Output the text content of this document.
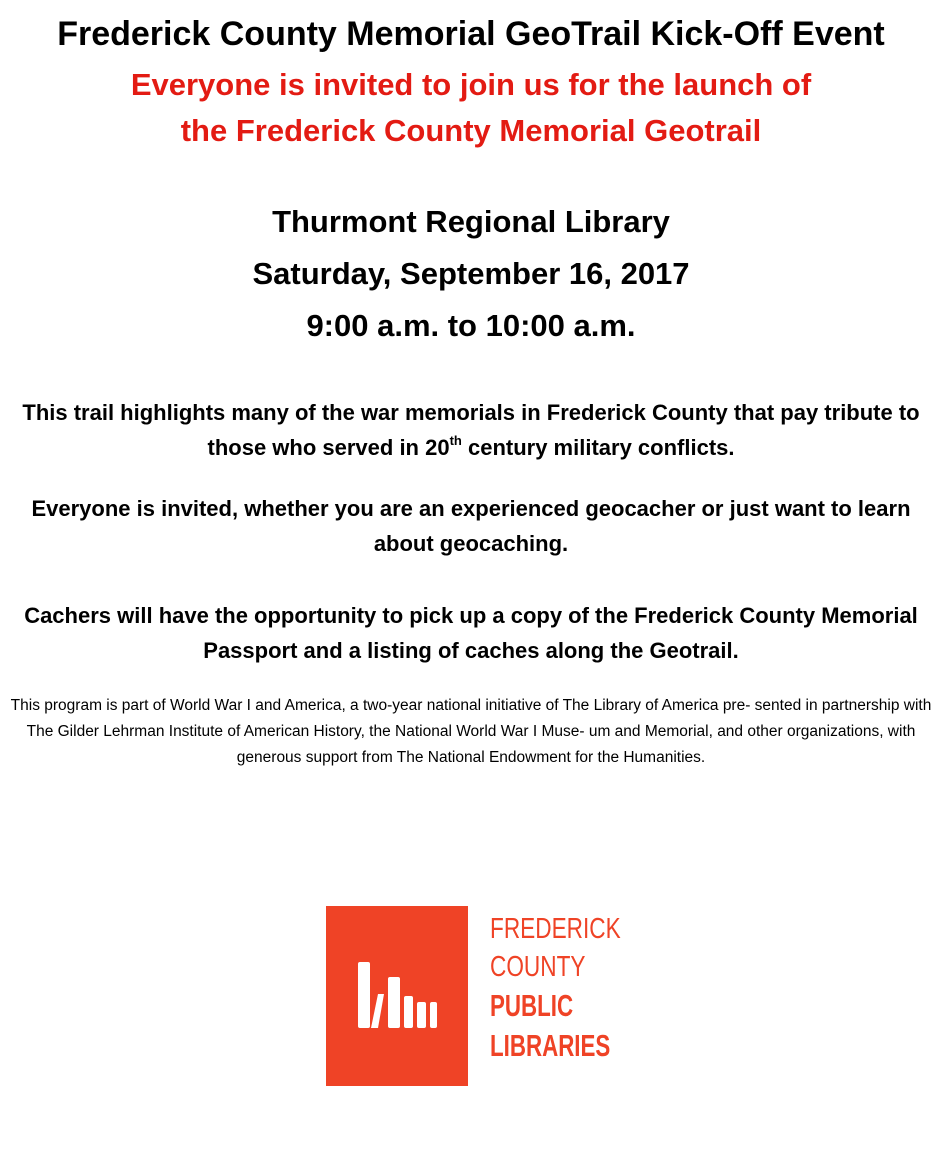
Frederick County Memorial GeoTrail Kick-Off Event
Everyone is invited to join us for the launch of
the Frederick County Memorial Geotrail
Thurmont Regional Library
Saturday, September 16, 2017
9:00 a.m. to 10:00 a.m.
This trail highlights many of the war memorials in Frederick County that pay tribute to those who served in 20th century military conflicts.
Everyone is invited, whether you are an experienced geocacher or just want to learn about geocaching.
Cachers will have the opportunity to pick up a copy of the Frederick County Memorial Passport and a listing of caches along the Geotrail.
This program is part of World War I and America, a two-year national initiative of The Library of America pre- sented in partnership with The Gilder Lehrman Institute of American History, the National World War I Muse- um and Memorial, and other organizations, with generous support from The National Endowment for the Humanities.
FREDERICK
COUNTY
PUBLIC
LIBRARIES
